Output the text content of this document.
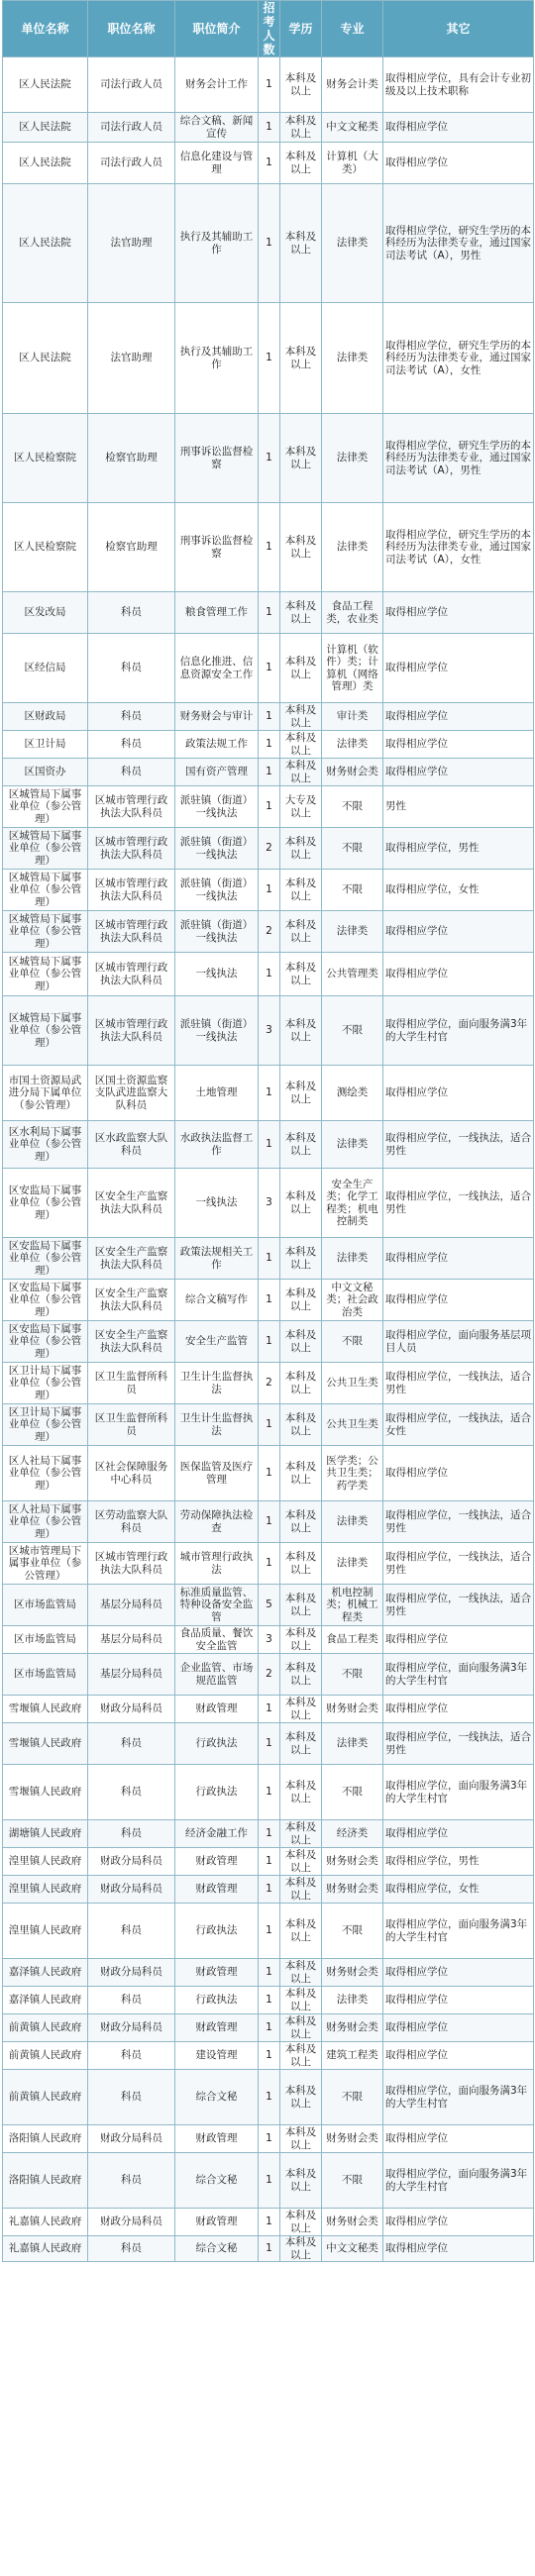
单位名称	职位名称	职位简介	招考人数	学历	专业	其它
区人民法院	司法行政人员	财务会计工作	1	本科及以上	财务会计类	取得相应学位，具有会计专业初级及以上技术职称
区人民法院	司法行政人员	综合文稿、新闻宣传	1	本科及以上	中文文秘类	取得相应学位
区人民法院	司法行政人员	信息化建设与管理	1	本科及以上	计算机（大类）	取得相应学位
区人民法院	法官助理	执行及其辅助工作	1	本科及以上	法律类	取得相应学位，研究生学历的本科经历为法律类专业，通过国家司法考试（A），男性
区人民法院	法官助理	执行及其辅助工作	1	本科及以上	法律类	取得相应学位，研究生学历的本科经历为法律类专业，通过国家司法考试（A），女性
区人民检察院	检察官助理	刑事诉讼监督检察	1	本科及以上	法律类	取得相应学位，研究生学历的本科经历为法律类专业，通过国家司法考试（A），男性
区人民检察院	检察官助理	刑事诉讼监督检察	1	本科及以上	法律类	取得相应学位，研究生学历的本科经历为法律类专业，通过国家司法考试（A），女性
区发改局	科员	粮食管理工作	1	本科及以上	食品工程类，农业类	取得相应学位
区经信局	科员	信息化推进、信息资源安全工作	1	本科及以上	计算机（软件）类；计算机（网络管理）类	取得相应学位
区财政局	科员	财务财会与审计	1	本科及以上	审计类	取得相应学位
区卫计局	科员	政策法规工作	1	本科及以上	法律类	取得相应学位
区国资办	科员	国有资产管理	1	本科及以上	财务财会类	取得相应学位
区城管局下属事业单位（参公管理）	区城市管理行政执法大队科员	派驻镇（街道）一线执法	1	大专及以上	不限	男性
区城管局下属事业单位（参公管理）	区城市管理行政执法大队科员	派驻镇（街道）一线执法	2	本科及以上	不限	取得相应学位，男性
区城管局下属事业单位（参公管理）	区城市管理行政执法大队科员	派驻镇（街道）一线执法	1	本科及以上	不限	取得相应学位，女性
区城管局下属事业单位（参公管理）	区城市管理行政执法大队科员	派驻镇（街道）一线执法	2	本科及以上	法律类	取得相应学位
区城管局下属事业单位（参公管理）	区城市管理行政执法大队科员	一线执法	1	本科及以上	公共管理类	取得相应学位
区城管局下属事业单位（参公管理）	区城市管理行政执法大队科员	派驻镇（街道）一线执法	3	本科及以上	不限	取得相应学位，面向服务满3年的大学生村官
市国土资源局武进分局下属单位（参公管理）	区国土资源监察支队武进监察大队科员	土地管理	1	本科及以上	测绘类	取得相应学位
区水利局下属事业单位（参公管理）	区水政监察大队科员	水政执法监督工作	1	本科及以上	法律类	取得相应学位，一线执法，适合男性
区安监局下属事业单位（参公管理）	区安全生产监察执法大队科员	一线执法	3	本科及以上	安全生产类；化学工程类；机电控制类	取得相应学位，一线执法，适合男性
区安监局下属事业单位（参公管理）	区安全生产监察执法大队科员	政策法规相关工作	1	本科及以上	法律类	取得相应学位
区安监局下属事业单位（参公管理）	区安全生产监察执法大队科员	综合文稿写作	1	本科及以上	中文文秘类；社会政治类	取得相应学位
区安监局下属事业单位（参公管理）	区安全生产监察执法大队科员	安全生产监管	1	本科及以上	不限	取得相应学位，面向服务基层项目人员
区卫计局下属事业单位（参公管理）	区卫生监督所科员	卫生计生监督执法	2	本科及以上	公共卫生类	取得相应学位，一线执法，适合男性
区卫计局下属事业单位（参公管理）	区卫生监督所科员	卫生计生监督执法	1	本科及以上	公共卫生类	取得相应学位，一线执法，适合女性
区人社局下属事业单位（参公管理）	区社会保障服务中心科员	医保监管及医疗管理	1	本科及以上	医学类；公共卫生类；药学类	取得相应学位
区人社局下属事业单位（参公管理）	区劳动监察大队科员	劳动保障执法检查	1	本科及以上	法律类	取得相应学位，一线执法，适合男性
区城市管理局下属事业单位（参公管理）	区城市管理行政执法大队科员	城市管理行政执法	1	本科及以上	法律类	取得相应学位，一线执法，适合男性
区市场监管局	基层分局科员	标准质量监管、特种设备安全监管	5	本科及以上	机电控制类；机械工程类	取得相应学位，一线执法，适合男性
区市场监管局	基层分局科员	食品质量、餐饮安全监管	3	本科及以上	食品工程类	取得相应学位
区市场监管局	基层分局科员	企业监管、市场规范监管	2	本科及以上	不限	取得相应学位，面向服务满3年的大学生村官
雪堰镇人民政府	财政分局科员	财政管理	1	本科及以上	财务财会类	取得相应学位
雪堰镇人民政府	科员	行政执法	1	本科及以上	法律类	取得相应学位，一线执法，适合男性
雪堰镇人民政府	科员	行政执法	1	本科及以上	不限	取得相应学位，面向服务满3年的大学生村官
湖塘镇人民政府	科员	经济金融工作	1	本科及以上	经济类	取得相应学位
湟里镇人民政府	财政分局科员	财政管理	1	本科及以上	财务财会类	取得相应学位，男性
湟里镇人民政府	财政分局科员	财政管理	1	本科及以上	财务财会类	取得相应学位，女性
湟里镇人民政府	科员	行政执法	1	本科及以上	不限	取得相应学位，面向服务满3年的大学生村官
嘉泽镇人民政府	财政分局科员	财政管理	1	本科及以上	财务财会类	取得相应学位
嘉泽镇人民政府	科员	行政执法	1	本科及以上	法律类	取得相应学位
前黄镇人民政府	财政分局科员	财政管理	1	本科及以上	财务财会类	取得相应学位
前黄镇人民政府	科员	建设管理	1	本科及以上	建筑工程类	取得相应学位
前黄镇人民政府	科员	综合文秘	1	本科及以上	不限	取得相应学位，面向服务满3年的大学生村官
洛阳镇人民政府	财政分局科员	财政管理	1	本科及以上	财务财会类	取得相应学位
洛阳镇人民政府	科员	综合文秘	1	本科及以上	不限	取得相应学位，面向服务满3年的大学生村官
礼嘉镇人民政府	财政分局科员	财政管理	1	本科及以上	财务财会类	取得相应学位
礼嘉镇人民政府	科员	综合文秘	1	本科及以上	中文文秘类	取得相应学位
